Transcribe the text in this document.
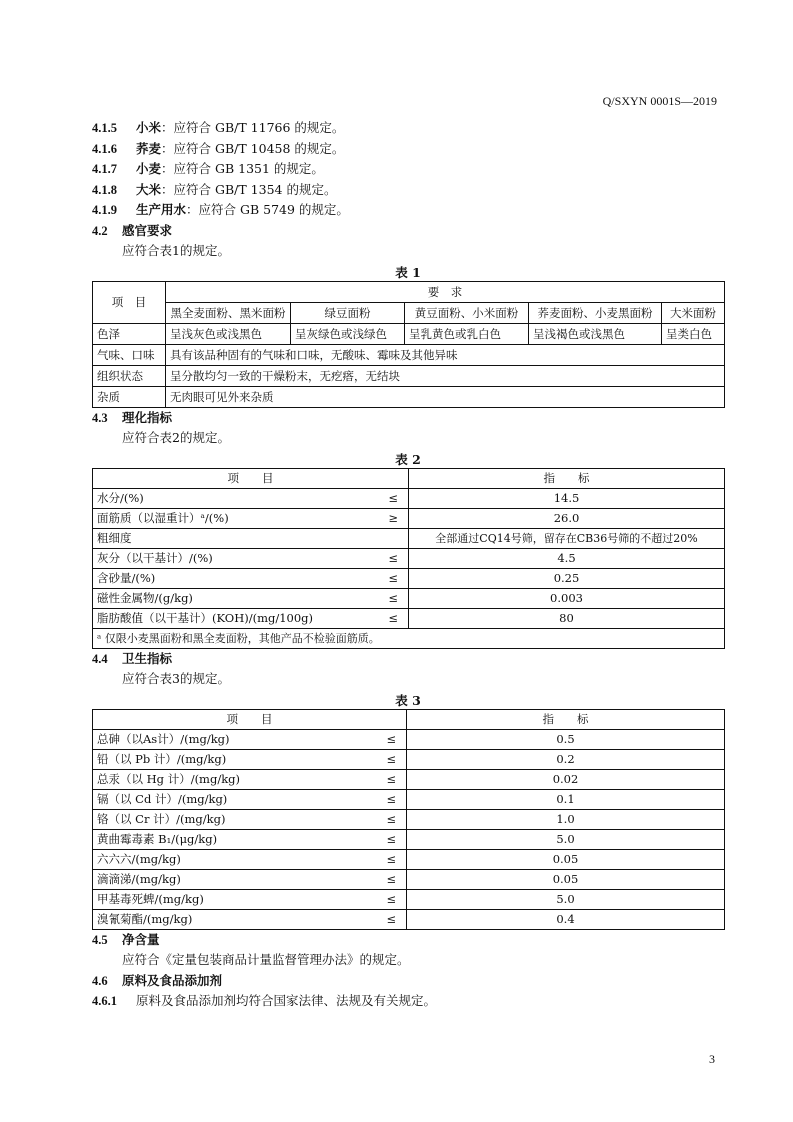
Q/SXYN 0001S—2019
4.1.5 小米：应符合 GB/T 11766 的规定。
4.1.6 荞麦：应符合 GB/T 10458 的规定。
4.1.7 小麦：应符合 GB 1351 的规定。
4.1.8 大米：应符合 GB/T 1354 的规定。
4.1.9 生产用水：应符合 GB 5749 的规定。
4.2 感官要求
应符合表1的规定。
表 1
项　目	要　求				
	黑全麦面粉、黑米面粉	绿豆面粉	黄豆面粉、小米面粉	荞麦面粉、小麦黑面粉	大米面粉
色泽	呈浅灰色或浅黑色	呈灰绿色或浅绿色	呈乳黄色或乳白色	呈浅褐色或浅黑色	呈类白色
气味、口味	具有该品种固有的气味和口味，无酸味、霉味及其他异味				
组织状态	呈分散均匀一致的干燥粉末，无疙瘩，无结块				
杂质	无肉眼可见外来杂质				
4.3 理化指标
应符合表2的规定。
表 2
项　　目		指　　标
水分/(%)	≤	14.5
面筋质（以湿重计）ᵃ/(%)	≥	26.0
粗细度		全部通过CQ14号筛，留存在CB36号筛的不超过20%
灰分（以干基计）/(%)	≤	4.5
含砂量/(%)	≤	0.25
磁性金属物/(g/kg)	≤	0.003
脂肪酸值（以干基计）(KOH)/(mg/100g)	≤	80
ᵃ 仅限小麦黑面粉和黑全麦面粉，其他产品不检验面筋质。		
4.4 卫生指标
应符合表3的规定。
表 3
项　　目		指　　标
总砷（以As计）/(mg/kg)	≤	0.5
铅（以 Pb 计）/(mg/kg)	≤	0.2
总汞（以 Hg 计）/(mg/kg)	≤	0.02
镉（以 Cd 计）/(mg/kg)	≤	0.1
铬（以 Cr 计）/(mg/kg)	≤	1.0
黄曲霉毒素 B₁/(μg/kg)	≤	5.0
六六六/(mg/kg)	≤	0.05
滴滴涕/(mg/kg)	≤	0.05
甲基毒死蜱/(mg/kg)	≤	5.0
溴氰菊酯/(mg/kg)	≤	0.4
4.5 净含量
应符合《定量包装商品计量监督管理办法》的规定。
4.6 原料及食品添加剂
4.6.1 原料及食品添加剂均符合国家法律、法规及有关规定。
3
